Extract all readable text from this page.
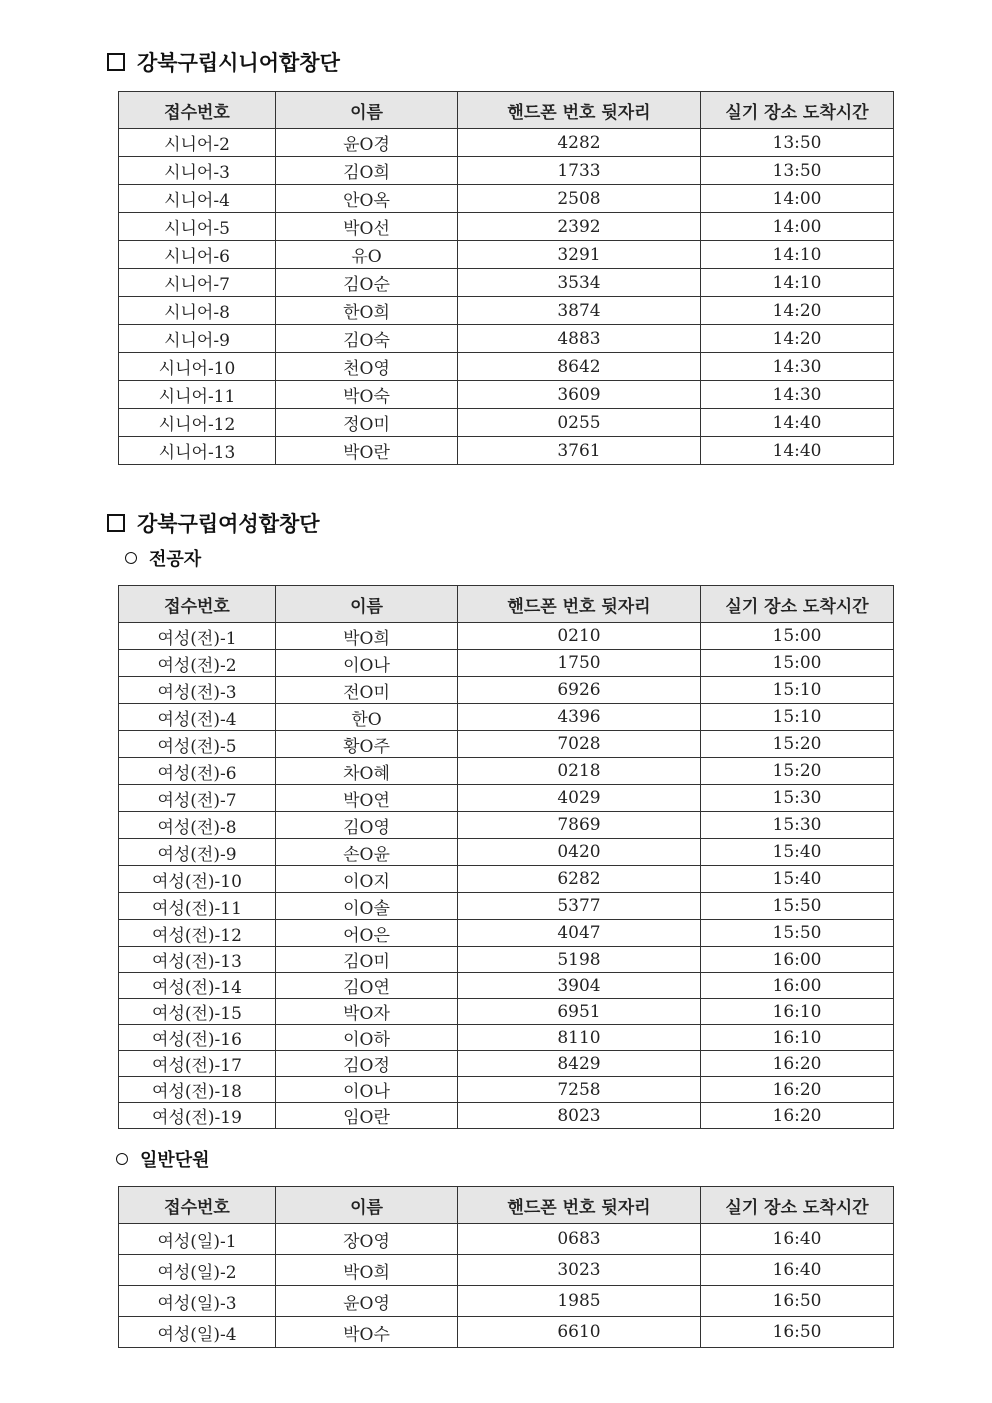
강북구립시니어합창단
접수번호	이름	핸드폰 번호 뒷자리	실기 장소 도착시간
시니어-2	윤O경	4282	13:50
시니어-3	김O희	1733	13:50
시니어-4	안O옥	2508	14:00
시니어-5	박O선	2392	14:00
시니어-6	유O	3291	14:10
시니어-7	김O순	3534	14:10
시니어-8	한O희	3874	14:20
시니어-9	김O숙	4883	14:20
시니어-10	천O영	8642	14:30
시니어-11	박O숙	3609	14:30
시니어-12	정O미	0255	14:40
시니어-13	박O란	3761	14:40
강북구립여성합창단
전공자
접수번호	이름	핸드폰 번호 뒷자리	실기 장소 도착시간
여성(전)-1	박O희	0210	15:00
여성(전)-2	이O나	1750	15:00
여성(전)-3	전O미	6926	15:10
여성(전)-4	한O	4396	15:10
여성(전)-5	황O주	7028	15:20
여성(전)-6	차O혜	0218	15:20
여성(전)-7	박O연	4029	15:30
여성(전)-8	김O영	7869	15:30
여성(전)-9	손O윤	0420	15:40
여성(전)-10	이O지	6282	15:40
여성(전)-11	이O솔	5377	15:50
여성(전)-12	어O은	4047	15:50
여성(전)-13	김O미	5198	16:00
여성(전)-14	김O연	3904	16:00
여성(전)-15	박O자	6951	16:10
여성(전)-16	이O하	8110	16:10
여성(전)-17	김O정	8429	16:20
여성(전)-18	이O나	7258	16:20
여성(전)-19	임O란	8023	16:20
일반단원
접수번호	이름	핸드폰 번호 뒷자리	실기 장소 도착시간
여성(일)-1	장O영	0683	16:40
여성(일)-2	박O희	3023	16:40
여성(일)-3	윤O영	1985	16:50
여성(일)-4	박O수	6610	16:50
